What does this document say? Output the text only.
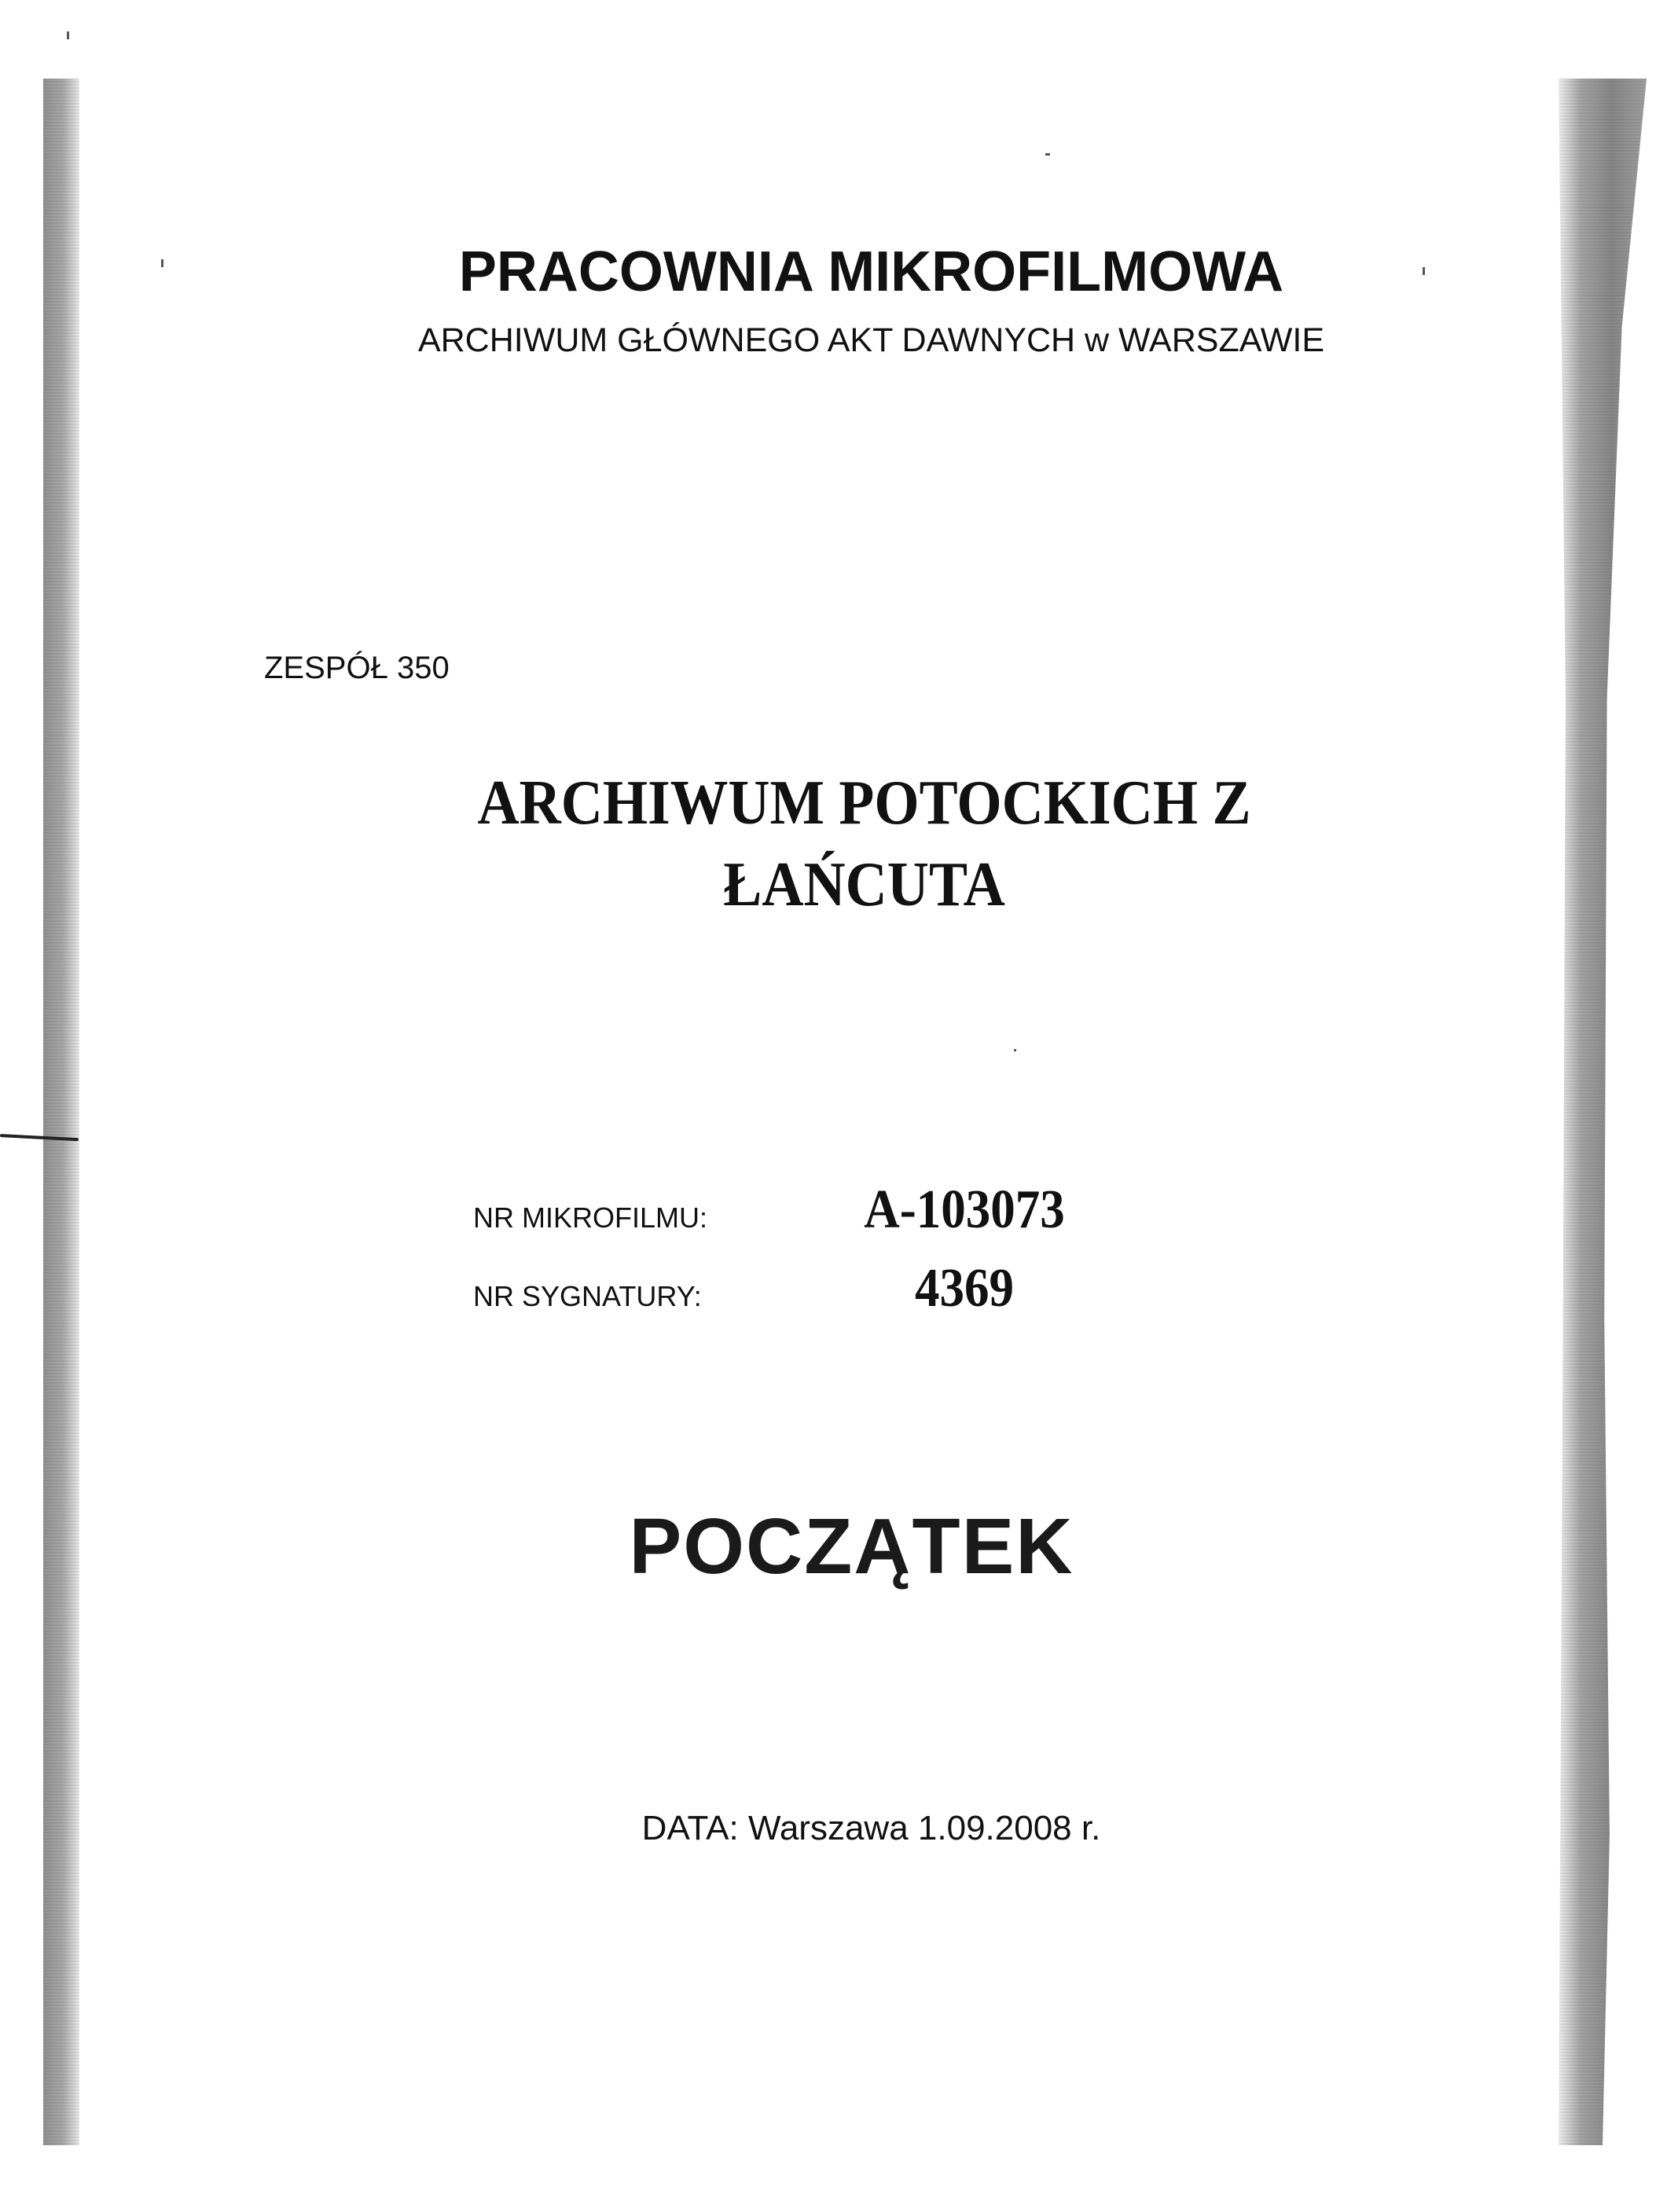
PRACOWNIA MIKROFILMOWA
ARCHIWUM GŁÓWNEGO AKT DAWNYCH w WARSZAWIE
ZESPÓŁ 350
ARCHIWUM POTOCKICH Z
ŁAŃCUTA
NR MIKROFILMU:	A-103073
NR SYGNATURY:	4369
POCZĄTEK
DATA: Warszawa 1.09.2008 r.
